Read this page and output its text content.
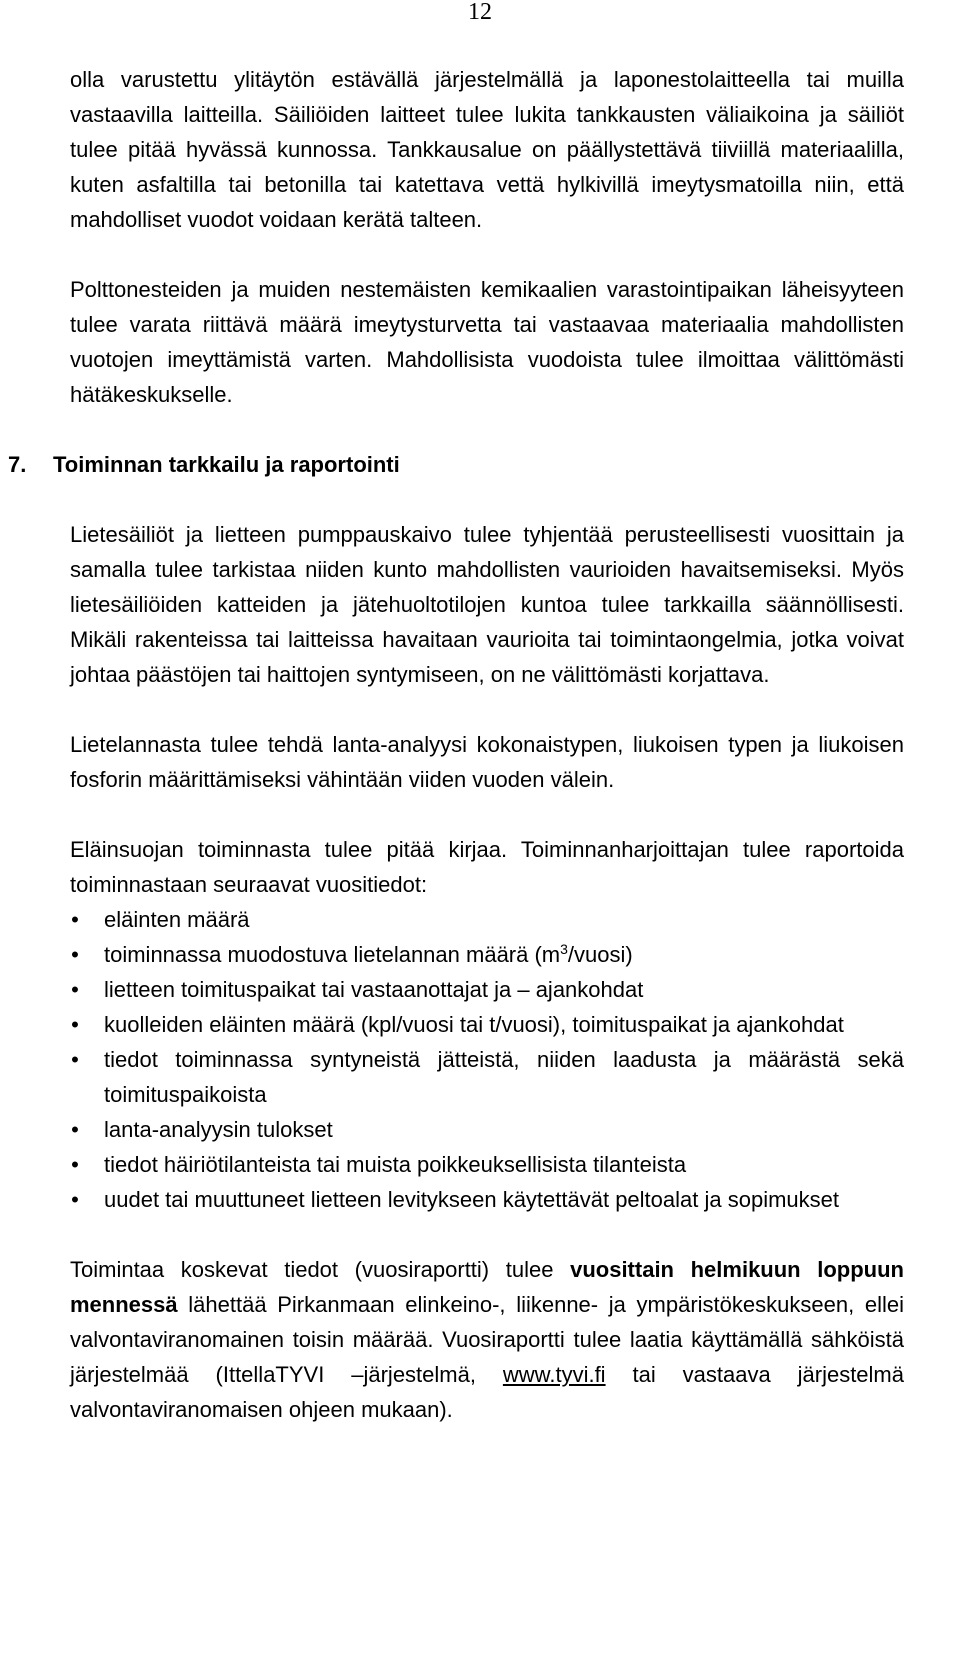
12

olla varustettu ylitäytön estävällä järjestelmällä ja laponestolaitteella tai muilla vastaavilla laitteilla. Säiliöiden laitteet tulee lukita tankkausten väliaikoina ja säiliöt tulee pitää hyvässä kunnossa. Tankkausalue on päällystettävä tiiviillä materiaalilla, kuten asfaltilla tai betonilla tai katettava vettä hylkivillä imeytysmatoilla niin, että mahdolliset vuodot voidaan kerätä talteen.

Polttonesteiden ja muiden nestemäisten kemikaalien varastointipaikan läheisyyteen tulee varata riittävä määrä imeytysturvetta tai vastaavaa materiaalia mahdollisten vuotojen imeyttämistä varten. Mahdollisista vuodoista tulee ilmoittaa välittömästi hätäkeskukselle.

7. Toiminnan tarkkailu ja raportointi

Lietesäiliöt ja lietteen pumppauskaivo tulee tyhjentää perusteellisesti vuosittain ja samalla tulee tarkistaa niiden kunto mahdollisten vaurioiden havaitsemiseksi. Myös lietesäiliöiden katteiden ja jätehuoltotilojen kuntoa tulee tarkkailla säännöllisesti. Mikäli rakenteissa tai laitteissa havaitaan vaurioita tai toimintaongelmia, jotka voivat johtaa päästöjen tai haittojen syntymiseen, on ne välittömästi korjattava.

Lietelannasta tulee tehdä lanta-analyysi kokonaistypen, liukoisen typen ja liukoisen fosforin määrittämiseksi vähintään viiden vuoden välein.

Eläinsuojan toiminnasta tulee pitää kirjaa. Toiminnanharjoittajan tulee raportoida toiminnastaan seuraavat vuositiedot:

• eläinten määrä
• toiminnassa muodostuva lietelannan määrä $(m^3/vuosi)$
• lietteen toimituspaikat tai vastaanottajat ja – ajankohdat
• kuolleiden eläinten määrä (kpl/vuosi tai t/vuosi), toimituspaikat ja ajankohdat
• tiedot toiminnassa syntyneistä jätteistä, niiden laadusta ja määrästä sekä toimituspaikoista
• lanta-analyysin tulokset
• tiedot häiriötilanteista tai muista poikkeuksellisista tilanteista
• uudet tai muuttuneet lietteen levitykseen käytettävät peltoalat ja sopimukset

Toimintaa koskevat tiedot (vuosiraportti) tulee vuosittain helmikuun loppuun mennessä lähettää Pirkanmaan elinkeino-, liikenne- ja ympäristökeskukseen, ellei valvontaviranomainen toisin määrää. Vuosiraportti tulee laatia käyttämällä sähköistä järjestelmää (IttellaTYVI –järjestelmä, www.tyvi.fi tai vastaava järjestelmä valvontaviranomaisen ohjeen mukaan).
